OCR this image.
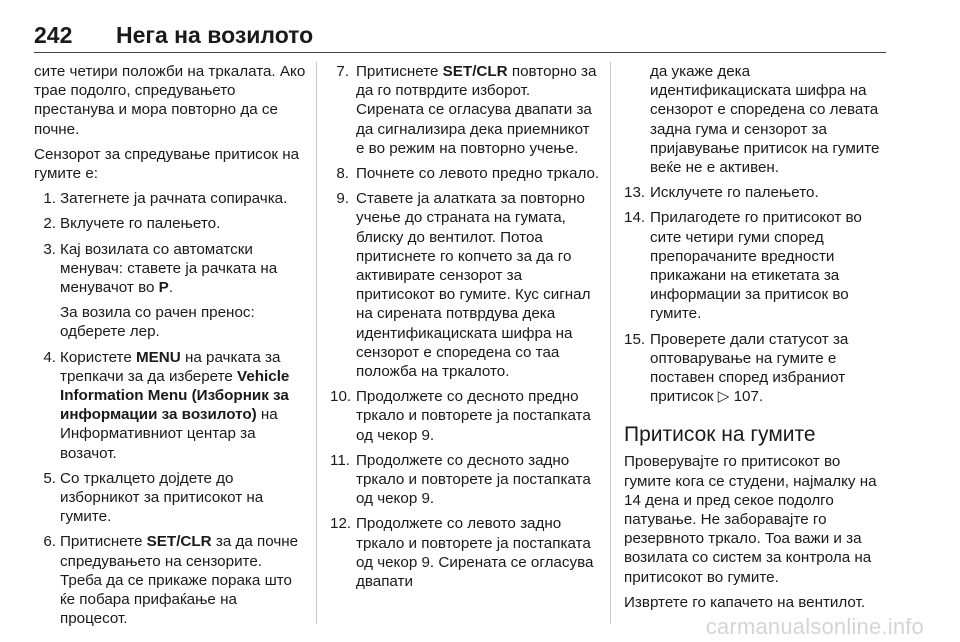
242 Нега на возилото

сите четири положби на тркалата. Ако трае подолго, спредувањето престанува и мора повторно да се почне.

Сензорот за спредување притисок на гумите е:

1. Затегнете ја рачната сопирачка.
2. Вклучете го палењето.
3. Кај возилата со автоматски менувач: ставете ја рачката на менувачот во P.
За возила со рачен пренос: одберете лер.
4. Користете MENU на рачката за трепкачи за да изберете Vehicle Information Menu (Изборник за информации за возилото) на Информативниот центар за возачот.
5. Со тркалцето дојдете до изборникот за притисокот на гумите.
6. Притиснете SET/CLR за да почне спредувањето на сензорите. Треба да се прикаже порака што ќе побара прифаќање на процесот.
7. Притиснете SET/CLR повторно за да го потврдите изборот. Сирената се огласува двапати за да сигнализира дека приемникот е во режим на повторно учење.
8. Почнете со левото предно тркало.
9. Ставете ја алатката за повторно учење до страната на гумата, блиску до вентилот. Потоа притиснете го копчето за да го активирате сензорот за притисокот во гумите. Кус сигнал на сирената потврдува дека идентификациската шифра на сензорот е споредена со таа положба на тркалото.
10. Продолжете со десното предно тркало и повторете ја постапката од чекор 9.
11. Продолжете со десното задно тркало и повторете ја постапката од чекор 9.
12. Продолжете со левото задно тркало и повторете ја постапката од чекор 9. Сирената се огласува двапати
да укаже дека идентификациската шифра на сензорот е споредена со левата задна гума и сензорот за пријавување притисок на гумите веќе не е активен.
13. Исклучете го палењето.
14. Прилагодете го притисокот во сите четири гуми според препорачаните вредности прикажани на етикетата за информации за притисок во гумите.
15. Проверете дали статусот за оптоварување на гумите е поставен според избраниот притисок ▷ 107.
Притисок на гумите

Проверувајте го притисокот во гумите кога се студени, најмалку на 14 дена и пред секое подолго патување. Не заборавајте го резервното тркало. Тоа важи и за возилата со систем за контрола на притисокот во гумите.

Извртете го капачето на вентилот.

carmanualsonline.info
